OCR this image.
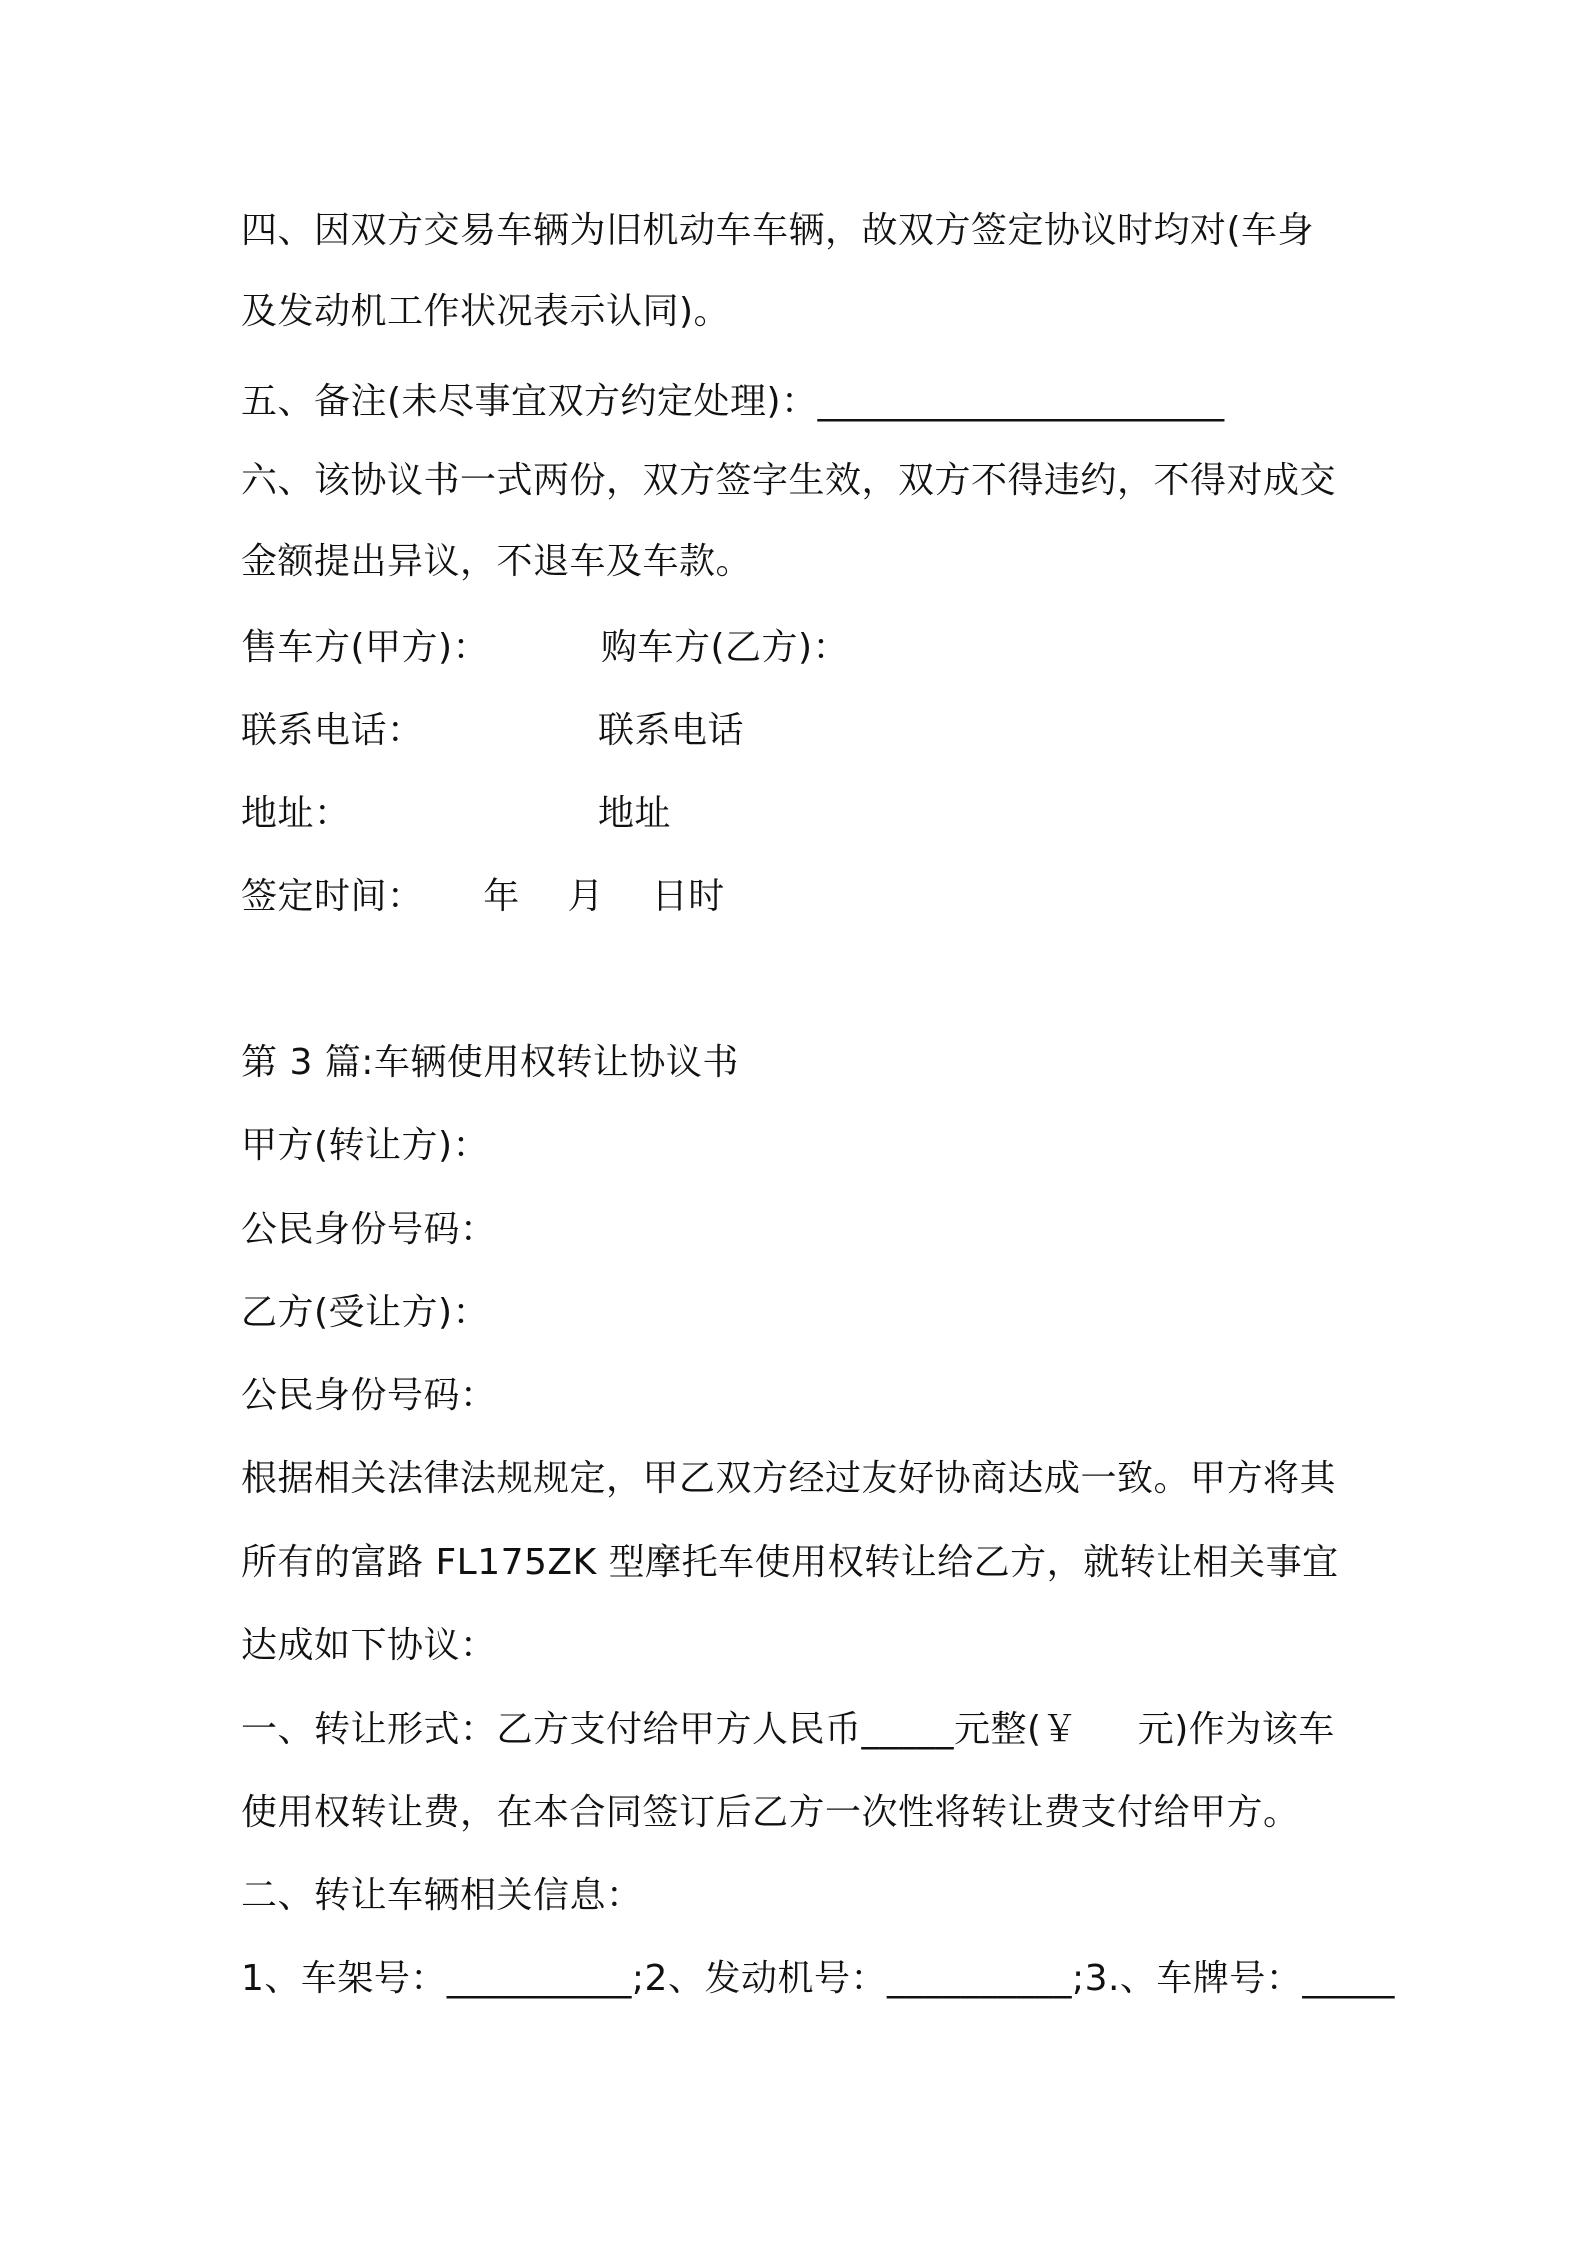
四、因双方交易车辆为旧机动车车辆，故双方签定协议时均对(车身
及发动机工作状况表示认同)。
五、备注(未尽事宜双方约定处理)：______________________
六、该协议书一式两份，双方签字生效，双方不得违约，不得对成交
金额提出异议，不退车及车款。
售车方(甲方)：	购车方(乙方)：
联系电话：	联系电话
地址：	地址
签定时间：     年    月    日时
第 3 篇:车辆使用权转让协议书
甲方(转让方)：
公民身份号码：
乙方(受让方)：
公民身份号码：
根据相关法律法规规定，甲乙双方经过友好协商达成一致。甲方将其
所有的富路 FL175ZK 型摩托车使用权转让给乙方，就转让相关事宜
达成如下协议：
一、转让形式：乙方支付给甲方人民币_____元整(￥     元)作为该车
使用权转让费，在本合同签订后乙方一次性将转让费支付给甲方。
二、转让车辆相关信息：
1、车架号：__________;2、发动机号：__________;3.、车牌号：_____
